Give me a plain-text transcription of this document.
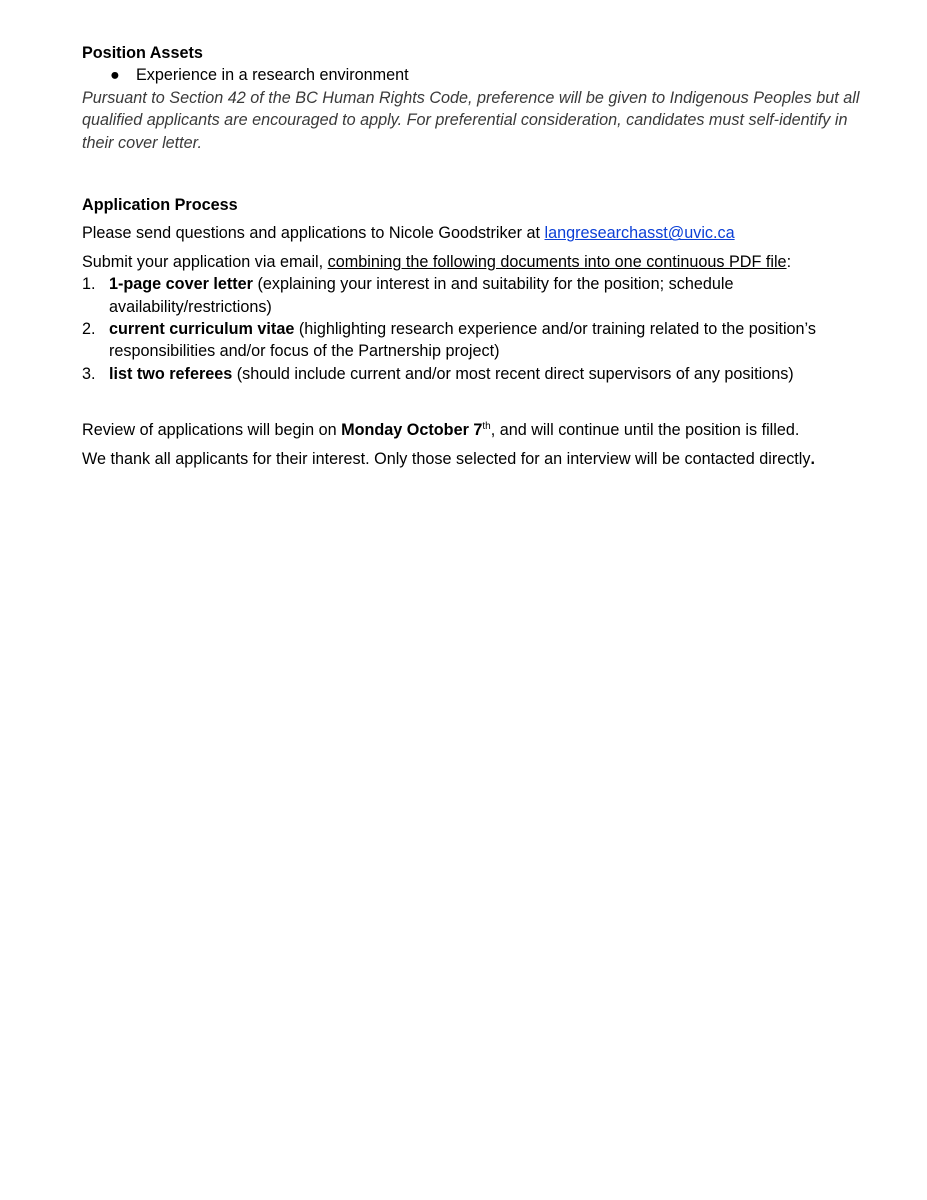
Position Assets

● Experience in a research environment

Pursuant to Section 42 of the BC Human Rights Code, preference will be given to Indigenous Peoples but all qualified applicants are encouraged to apply. For preferential consideration, candidates must self-identify in their cover letter.

Application Process

Please send questions and applications to Nicole Goodstriker at langresearchasst@uvic.ca

Submit your application via email, combining the following documents into one continuous PDF file:

1. 1-page cover letter (explaining your interest in and suitability for the position; schedule availability/restrictions)
2. current curriculum vitae (highlighting research experience and/or training related to the position’s responsibilities and/or focus of the Partnership project)
3. list two referees (should include current and/or most recent direct supervisors of any positions)

Review of applications will begin on Monday October 7th, and will continue until the position is filled.

We thank all applicants for their interest. Only those selected for an interview will be contacted directly.
